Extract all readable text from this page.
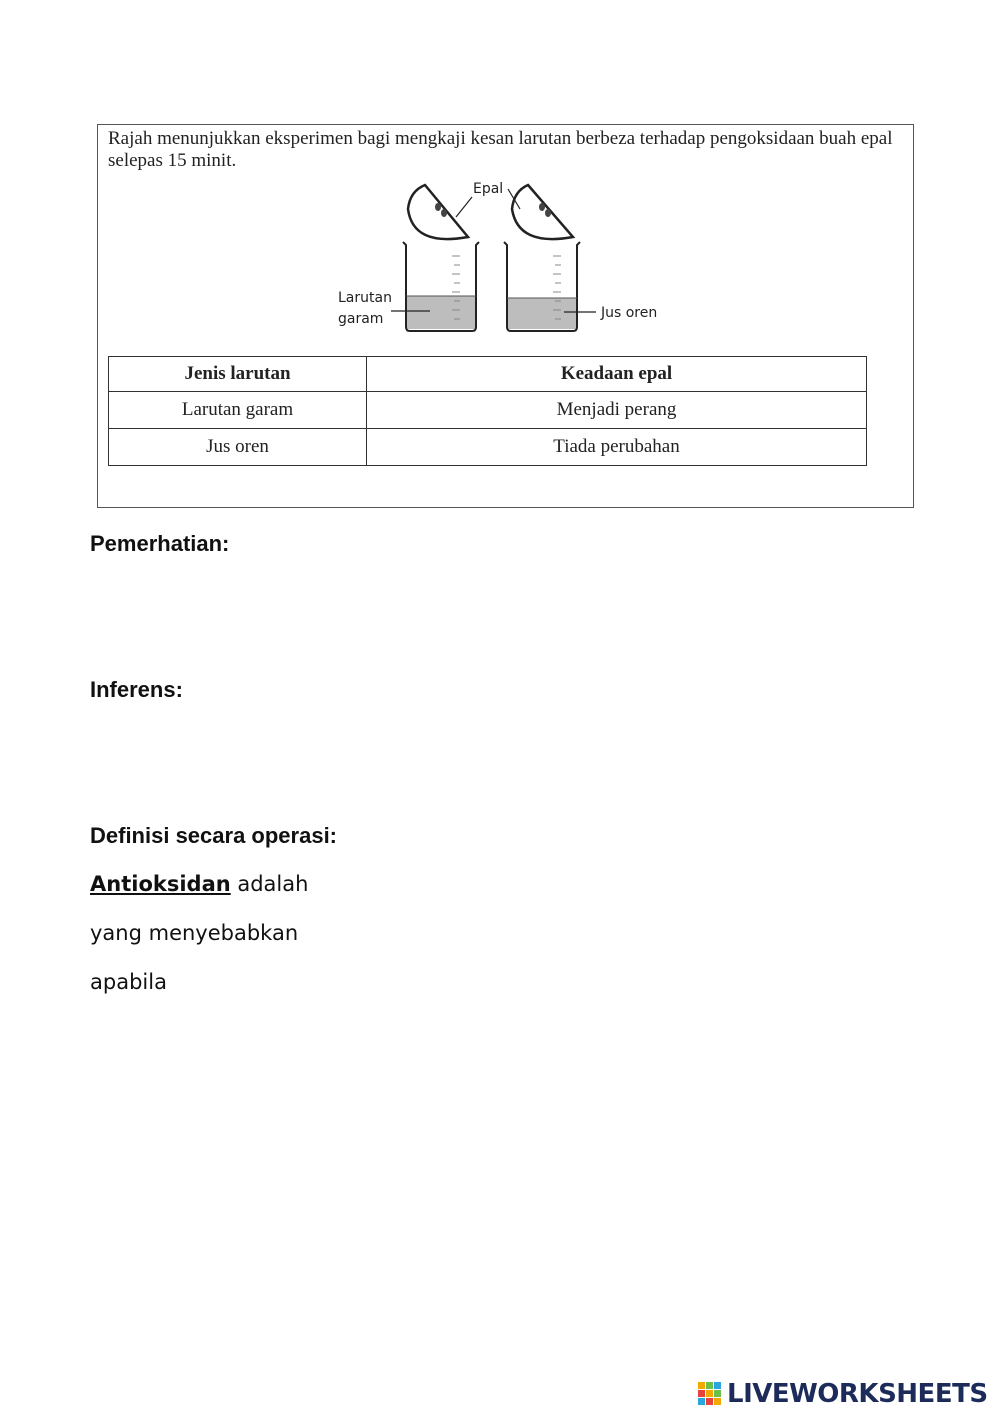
Rajah menunjukkan eksperimen bagi mengkaji kesan larutan berbeza terhadap pengoksidaan buah epal selepas 15 minit.
Epal
Larutan
garam	Jus oren
Jenis larutan	Keadaan epal
Larutan garam	Menjadi perang
Jus oren	Tiada perubahan
Pemerhatian:
Inferens:
Definisi secara operasi:
Antioksidan adalah
yang menyebabkan
apabila
LIVEWORKSHEETS
